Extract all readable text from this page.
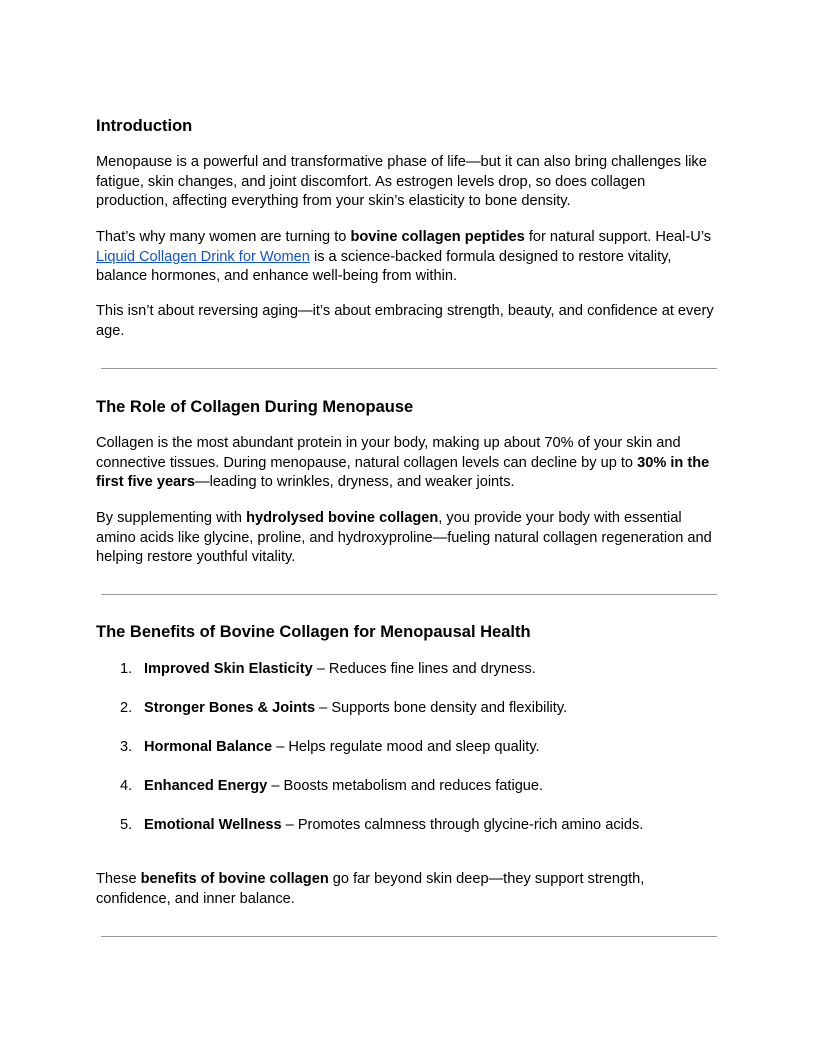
Introduction

Menopause is a powerful and transformative phase of life—but it can also bring challenges like fatigue, skin changes, and joint discomfort. As estrogen levels drop, so does collagen production, affecting everything from your skin’s elasticity to bone density.

That’s why many women are turning to bovine collagen peptides for natural support. Heal-U’s Liquid Collagen Drink for Women is a science-backed formula designed to restore vitality, balance hormones, and enhance well-being from within.

This isn’t about reversing aging—it’s about embracing strength, beauty, and confidence at every age.

The Role of Collagen During Menopause

Collagen is the most abundant protein in your body, making up about 70% of your skin and connective tissues. During menopause, natural collagen levels can decline by up to 30% in the first five years—leading to wrinkles, dryness, and weaker joints.

By supplementing with hydrolysed bovine collagen, you provide your body with essential amino acids like glycine, proline, and hydroxyproline—fueling natural collagen regeneration and helping restore youthful vitality.

The Benefits of Bovine Collagen for Menopausal Health
1. Improved Skin Elasticity – Reduces fine lines and dryness.
2. Stronger Bones & Joints – Supports bone density and flexibility.
3. Hormonal Balance – Helps regulate mood and sleep quality.
4. Enhanced Energy – Boosts metabolism and reduces fatigue.
5. Emotional Wellness – Promotes calmness through glycine-rich amino acids.

These benefits of bovine collagen go far beyond skin deep—they support strength, confidence, and inner balance.
